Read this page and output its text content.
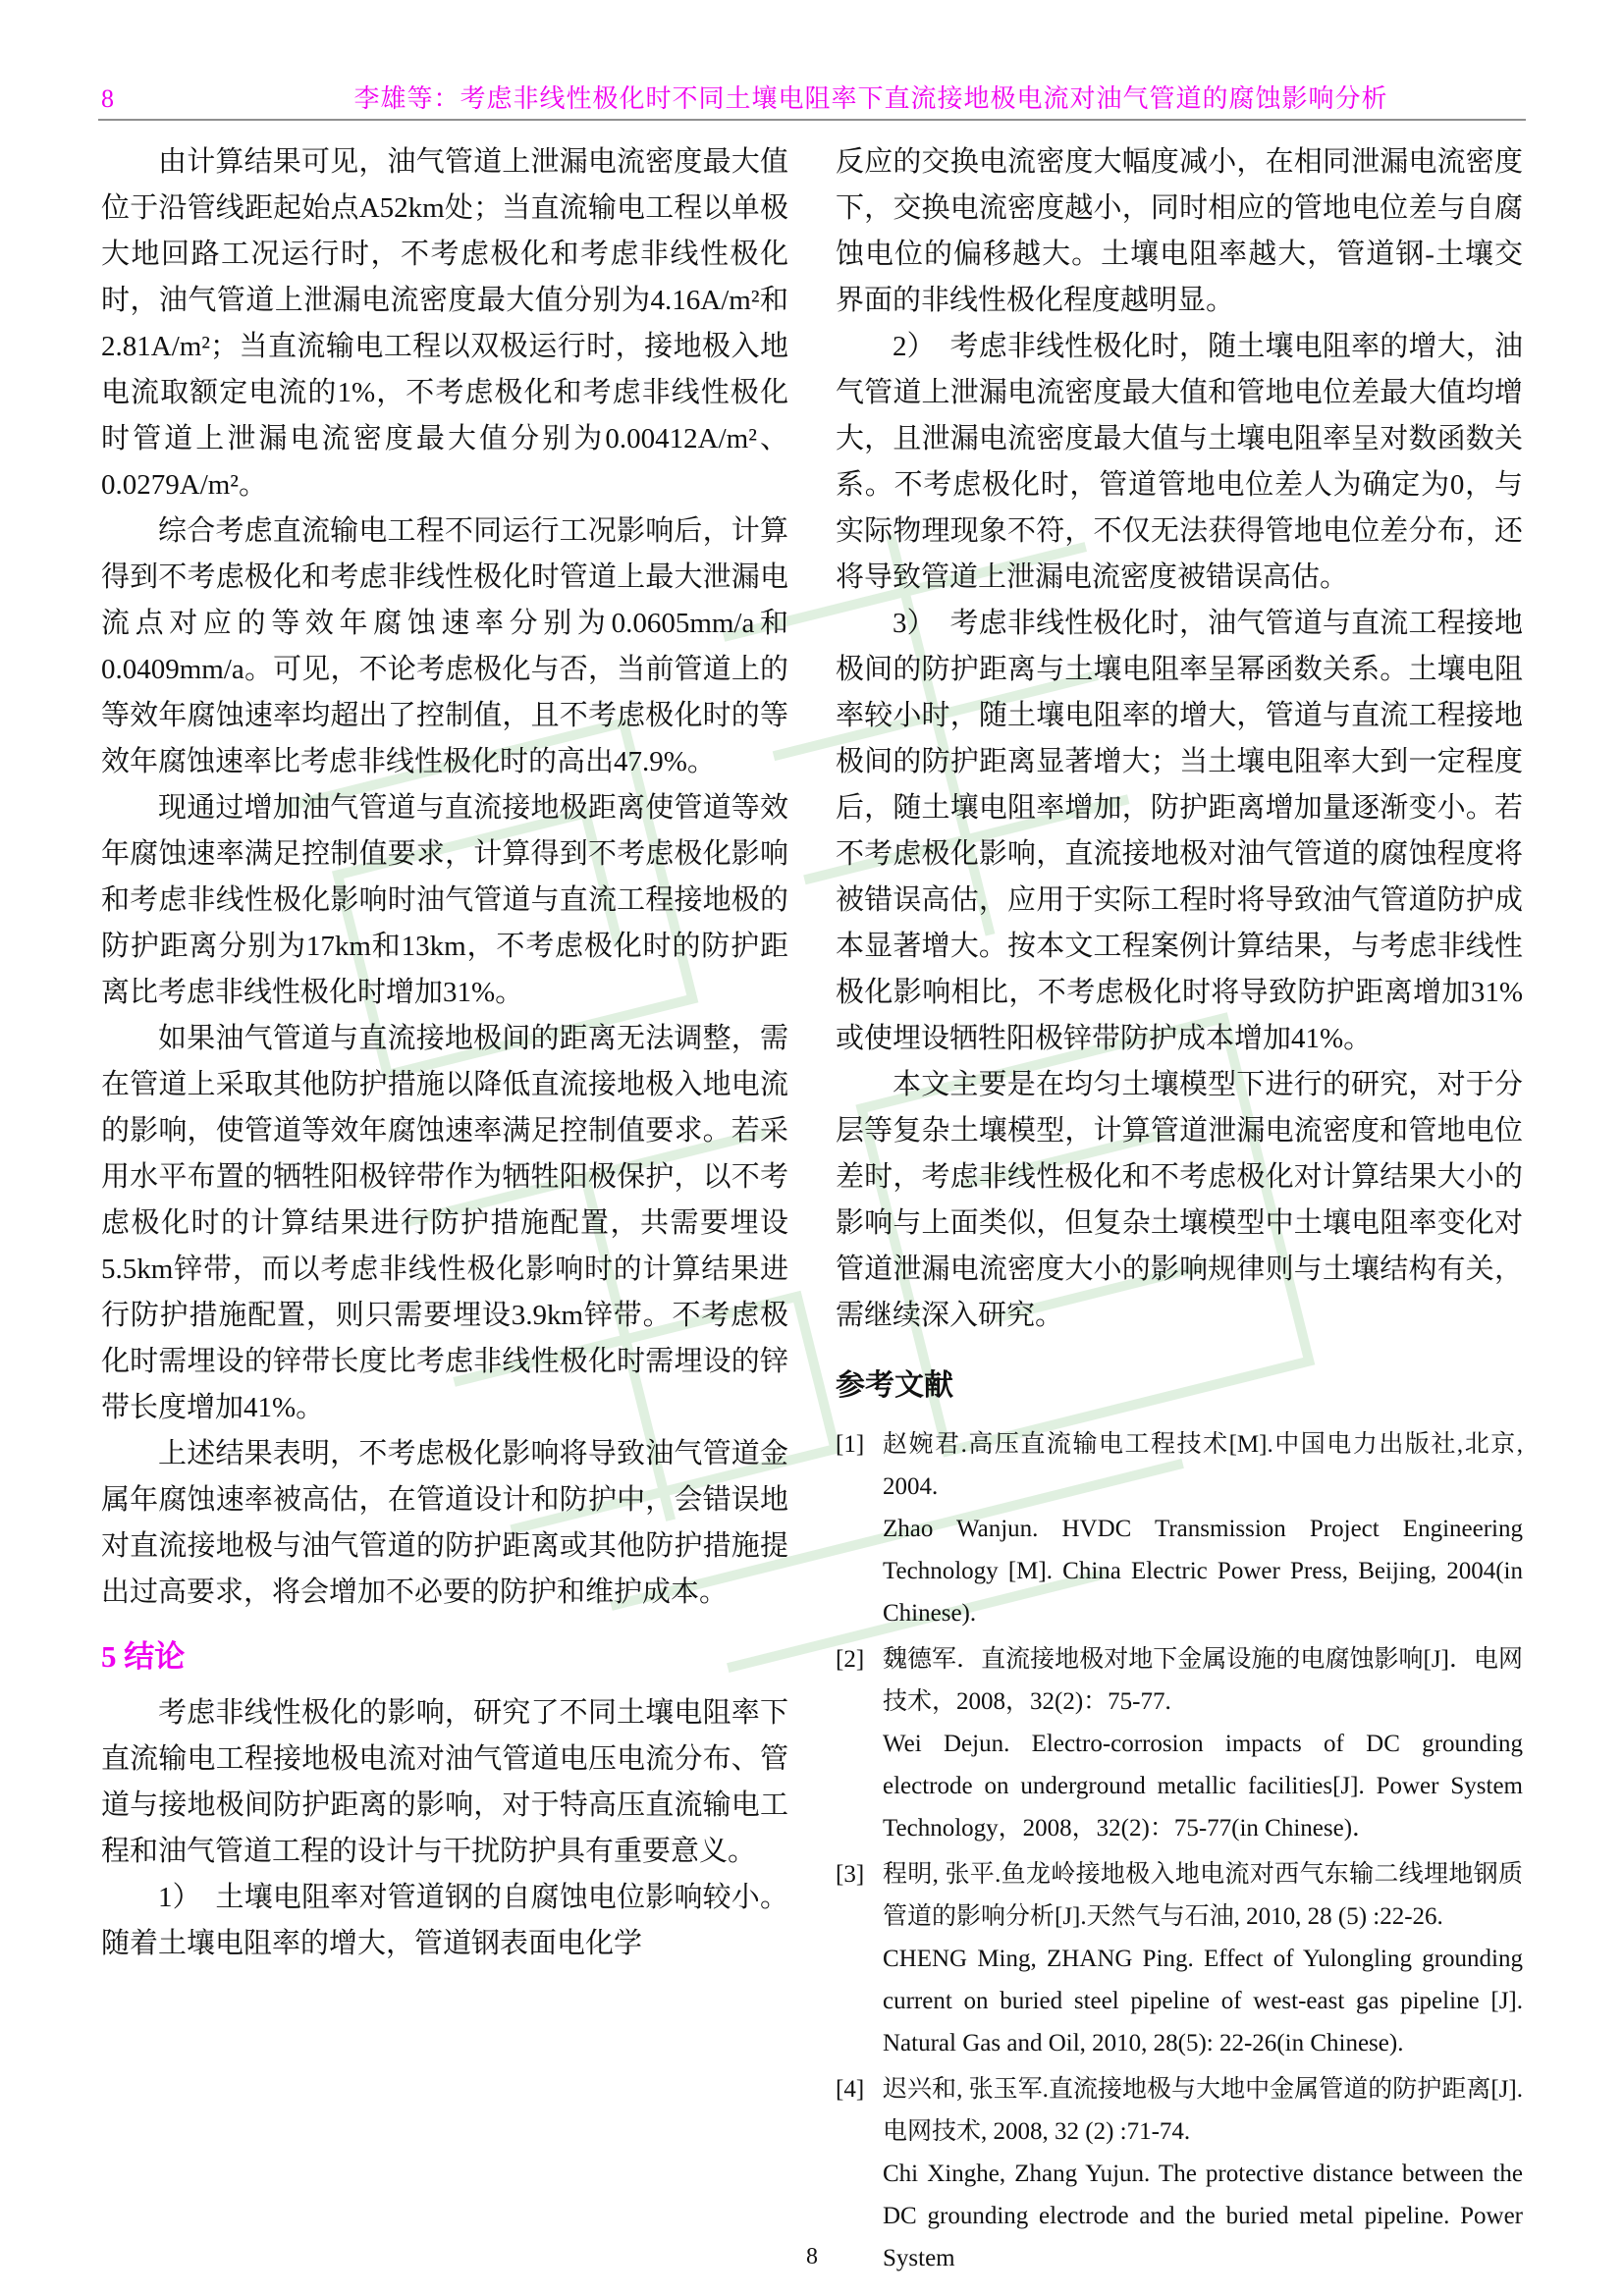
8	李雄等：考虑非线性极化时不同土壤电阻率下直流接地极电流对油气管道的腐蚀影响分析

由计算结果可见，油气管道上泄漏电流密度最大值位于沿管线距起始点A52km处；当直流输电工程以单极大地回路工况运行时，不考虑极化和考虑非线性极化时，油气管道上泄漏电流密度最大值分别为4.16A/m²和2.81A/m²；当直流输电工程以双极运行时，接地极入地电流取额定电流的1%，不考虑极化和考虑非线性极化时管道上泄漏电流密度最大值分别为0.00412A/m²、0.0279A/m²。

综合考虑直流输电工程不同运行工况影响后，计算得到不考虑极化和考虑非线性极化时管道上最大泄漏电流点对应的等效年腐蚀速率分别为0.0605mm/a和0.0409mm/a。可见，不论考虑极化与否，当前管道上的等效年腐蚀速率均超出了控制值，且不考虑极化时的等效年腐蚀速率比考虑非线性极化时的高出47.9%。

现通过增加油气管道与直流接地极距离使管道等效年腐蚀速率满足控制值要求，计算得到不考虑极化影响和考虑非线性极化影响时油气管道与直流工程接地极的防护距离分别为17km和13km，不考虑极化时的防护距离比考虑非线性极化时增加31%。

如果油气管道与直流接地极间的距离无法调整，需在管道上采取其他防护措施以降低直流接地极入地电流的影响，使管道等效年腐蚀速率满足控制值要求。若采用水平布置的牺牲阳极锌带作为牺牲阳极保护，以不考虑极化时的计算结果进行防护措施配置，共需要埋设5.5km锌带，而以考虑非线性极化影响时的计算结果进行防护措施配置，则只需要埋设3.9km锌带。不考虑极化时需埋设的锌带长度比考虑非线性极化时需埋设的锌带长度增加41%。

上述结果表明，不考虑极化影响将导致油气管道金属年腐蚀速率被高估，在管道设计和防护中，会错误地对直流接地极与油气管道的防护距离或其他防护措施提出过高要求，将会增加不必要的防护和维护成本。

5 结论

考虑非线性极化的影响，研究了不同土壤电阻率下直流输电工程接地极电流对油气管道电压电流分布、管道与接地极间防护距离的影响，对于特高压直流输电工程和油气管道工程的设计与干扰防护具有重要意义。

1）　土壤电阻率对管道钢的自腐蚀电位影响较小。随着土壤电阻率的增大，管道钢表面电化学

反应的交换电流密度大幅度减小，在相同泄漏电流密度下，交换电流密度越小，同时相应的管地电位差与自腐蚀电位的偏移越大。土壤电阻率越大，管道钢-土壤交界面的非线性极化程度越明显。

2）　考虑非线性极化时，随土壤电阻率的增大，油气管道上泄漏电流密度最大值和管地电位差最大值均增大，且泄漏电流密度最大值与土壤电阻率呈对数函数关系。不考虑极化时，管道管地电位差人为确定为0，与实际物理现象不符，不仅无法获得管地电位差分布，还将导致管道上泄漏电流密度被错误高估。

3）　考虑非线性极化时，油气管道与直流工程接地极间的防护距离与土壤电阻率呈幂函数关系。土壤电阻率较小时，随土壤电阻率的增大，管道与直流工程接地极间的防护距离显著增大；当土壤电阻率大到一定程度后，随土壤电阻率增加，防护距离增加量逐渐变小。若不考虑极化影响，直流接地极对油气管道的腐蚀程度将被错误高估，应用于实际工程时将导致油气管道防护成本显著增大。按本文工程案例计算结果，与考虑非线性极化影响相比，不考虑极化时将导致防护距离增加31%或使埋设牺牲阳极锌带防护成本增加41%。

本文主要是在均匀土壤模型下进行的研究，对于分层等复杂土壤模型，计算管道泄漏电流密度和管地电位差时，考虑非线性极化和不考虑极化对计算结果大小的影响与上面类似，但复杂土壤模型中土壤电阻率变化对管道泄漏电流密度大小的影响规律则与土壤结构有关，需继续深入研究。

参考文献
[1] 赵婉君.高压直流输电工程技术[M].中国电力出版社,北京, 2004.
Zhao Wanjun. HVDC Transmission Project Engineering Technology [M]. China Electric Power Press, Beijing, 2004(in Chinese).
[2] 魏德军．直流接地极对地下金属设施的电腐蚀影响[J]．电网技术，2008，32(2)：75-77.
Wei Dejun. Electro-corrosion impacts of DC grounding electrode on underground metallic facilities[J]. Power System Technology，2008，32(2)：75-77(in Chinese)．
[3] 程明, 张平.鱼龙岭接地极入地电流对西气东输二线埋地钢质管道的影响分析[J].天然气与石油, 2010, 28 (5) :22-26.
CHENG Ming, ZHANG Ping. Effect of Yulongling grounding current on buried steel pipeline of west-east gas pipeline [J]. Natural Gas and Oil, 2010, 28(5): 22-26(in Chinese).
[4] 迟兴和, 张玉军.直流接地极与大地中金属管道的防护距离[J].电网技术, 2008, 32 (2) :71-74.
Chi Xinghe, Zhang Yujun. The protective distance between the DC grounding electrode and the buried metal pipeline. Power System
8
